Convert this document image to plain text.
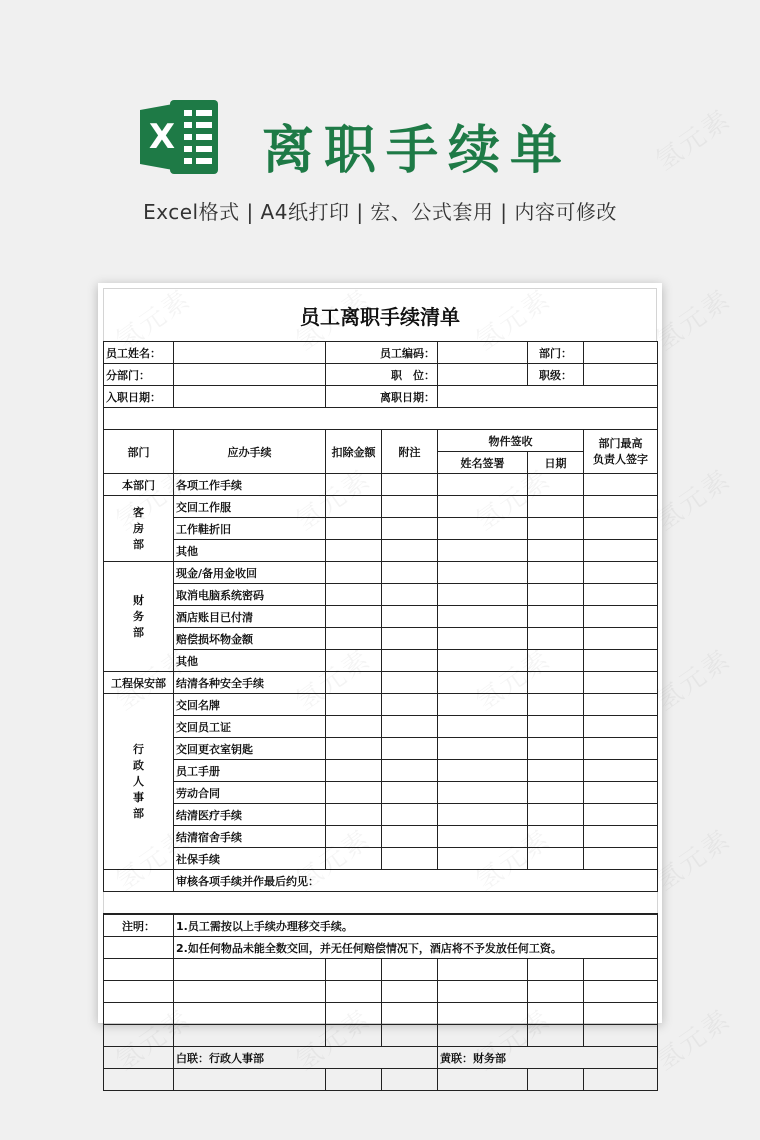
X 离职手续单
Excel格式 | A4纸打印 | 宏、公式套用 | 内容可修改
员工离职手续清单
员工姓名：		员工编码：			部门：	
分部门：		职　位：			职级：	
入职日期：		离职日期：				

部门	应办手续	扣除金额	附注	物件签收		部门最高
负责人签字
				姓名签署	日期	
本部门	各项工作手续					
客
房
部	交回工作服					
	工作鞋折旧					
	其他					
财
务
部	现金/备用金收回					
	取消电脑系统密码					
	酒店账目已付清					
	赔偿损坏物金额					
	其他					
工程保安部	结清各种安全手续					
行
政
人
事
部	交回名牌					
	交回员工证					
	交回更衣室钥匙					
	员工手册					
	劳动合同					
	结清医疗手续					
	结清宿舍手续					
	社保手续					
	审核各项手续并作最后约见：					

注明：	1.员工需按以上手续办理移交手续。					
	2.如任何物品未能全数交回，并无任何赔偿情况下，酒店将不予发放任何工资。					

	白联：行政人事部			黄联：财务部		
